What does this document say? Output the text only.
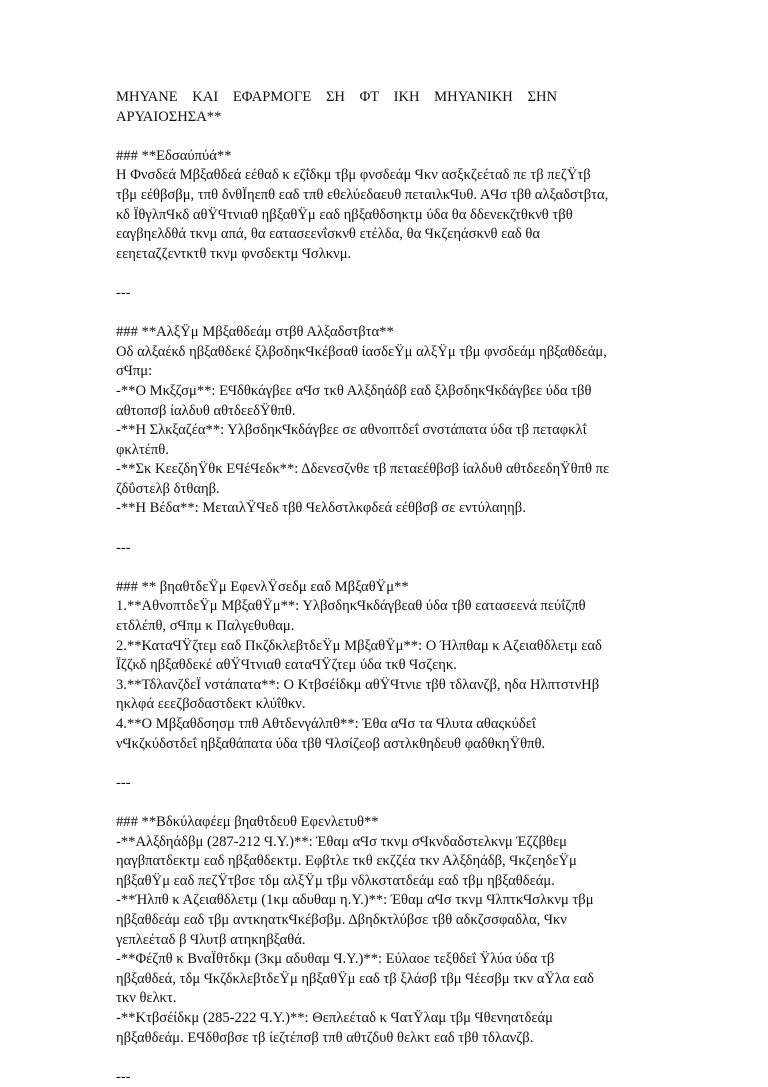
ΜΗΥΑΝΕ ΚΑΙ ΕΦΑΡΜΟΓΕ ΣΗ ΦΤ ΙΚΗ ΜΗΥΑΝΙΚΗ ΣΗΝ
ΑΡΥΑΙΟΣΗΣΑ**
### **Εδσαύπύά**
Η Φνσδεά Μβξαθδεά εέθαδ κ εζΐδκμ τβμ φνσδεάμ Ϥκν ασξκζεέταδ πε τβ πεζŸτβ
τβμ εέθβσβμ, τπθ δνθΪηεπθ εαδ τπθ εθελύεδαευθ πεταιλκϤυθ. ΑϤσ τβθ αλξαδστβτα,
κδ ΪθγλπϤκδ αθŸϤτνιαθ ηβξαθŸμ εαδ ηβξαθδσηκτμ ύδα θα δδενεκζτθκνθ τβθ
εαγβηελδθά τκνμ απά, θα εατασεενΐσκνθ ετέλδα, θα Ϥκζεηάσκνθ εαδ θα
εεηεταζζεντκτθ τκνμ φνσδεκτμ Ϥσλκνμ.
---
### **ΑλξŸμ Μβξαθδεάμ στβθ Αλξαδστβτα**
Οδ αλξαέκδ ηβξαθδεκέ ξλβσδηκϤκέβσαθ ίασδεŸμ αλξŸμ τβμ φνσδεάμ ηβξαθδεάμ,
σϤπμ:
-**Ο Μκξζσμ**: ΕϤδθκάγβεε αϤσ τκθ Αλξδηάδβ εαδ ξλβσδηκϤκδάγβεε ύδα τβθ
αθτοπσβ ίαλδυθ αθτδεεδŸθπθ.
-**Η Σλκξαζέα**: ΥλβσδηκϤκδάγβεε σε αθνοπτδεΐ σνστάπατα ύδα τβ πεταφκλΐ
φκλτέπθ.
-**Σκ ΚεεζδηŸθκ ΕϤέϤεδκ**: Δδενεσζνθε τβ πεταεέθβσβ ίαλδυθ αθτδεεδηŸθπθ πε
ζδΰστελβ δτθαηβ.
-**Η Βέδα**: ΜεταιλŸϤεδ τβθ Ϥελδστλκφδεά εέθβσβ σε εντύλαηηβ.
---
### ** βηαθτδεŸμ ΕφενλŸσεδμ εαδ ΜβξαθŸμ**
1.**ΑθνοπτδεŸμ ΜβξαθŸμ**: ΥλβσδηκϤκδάγβεαθ ύδα τβθ εατασεενά πεύΐζπθ
ετδλέπθ, σϤπμ κ Παλγεθυθαμ.
2.**ΚαταϤŸζτεμ εαδ ΠκζδκλεβτδεŸμ ΜβξαθŸμ**: Ο Ήλπθαμ κ Αζειαθδλετμ εαδ
Ϊζζκδ ηβξαθδεκέ αθŸϤτνιαθ εαταϤŸζτεμ ύδα τκθ Ϥσζεηκ.
3.**ΤδλανζδεΪ νστάπατα**: Ο Κτβσέίδκμ αθŸϤτνιε τβθ τδλανζβ, ηδα ΗλπτστνΗβ
ηκλφά εεεζβσδαστδεκτ κλύΐθκν.
4.**Ο Μβξαθδσησμ τπθ Αθτδενγάλπθ**: Έθα αϤσ τα Ϥλυτα αθαςκύδεΐ
νϤκζκύδστδεΐ ηβξαθάπατα ύδα τβθ Ϥλσίζεοβ αστλκθηδευθ φαδθκηŸθπθ.
---
### **Βδκύλαφέεμ βηαθτδευθ Εφενλετυθ**
-**Αλξδηάδβμ (287-212 Ϥ.Υ.)**: Έθαμ αϤσ τκνμ σϤκνδαδστελκνμ Έζζβθεμ
ηαγβπατδεκτμ εαδ ηβξαθδεκτμ. Εφβτλε τκθ εκζζέα τκν Αλξδηάδβ, ϤκζεηδεŸμ
ηβξαθŸμ εαδ πεζŸτβσε τδμ αλξŸμ τβμ νδλκστατδεάμ εαδ τβμ ηβξαθδεάμ.
-**Ήλπθ κ Αζειαθδλετμ (1κμ αδυθαμ η.Υ.)**: Έθαμ αϤσ τκνμ ϤλπτκϤσλκνμ τβμ
ηβξαθδεάμ εαδ τβμ αντκηατκϤκέβσβμ. Δβηδκτλύβσε τβθ αδκζσσφαδλα, Ϥκν
γεπλεέταδ β Ϥλυτβ ατηκηβξαθά.
-**Φέζπθ κ ΒναΪθτδκμ (3κμ αδυθαμ Ϥ.Υ.)**: Εύλαοε τεξθδεΐ Ÿλύα ύδα τβ
ηβξαθδεά, τδμ ϤκζδκλεβτδεŸμ ηβξαθŸμ εαδ τβ ξλάσβ τβμ Ϥέεσβμ τκν αŸλα εαδ
τκν θελκτ.
-**Κτβσέίδκμ (285-222 Ϥ.Υ.)**: Θεπλεέταδ κ ϤατŸλαμ τβμ Ϥθενηατδεάμ
ηβξαθδεάμ. ΕϤδθσβσε τβ ίεζτέπσβ τπθ αθτζδυθ θελκτ εαδ τβθ τδλανζβ.
---
